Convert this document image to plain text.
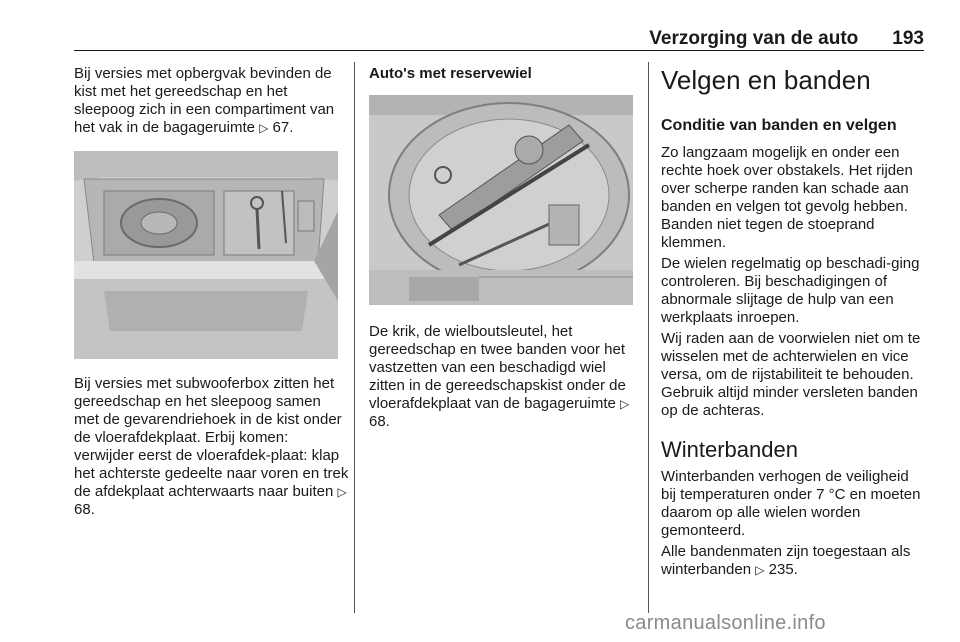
Verzorging van de auto 193

Bij versies met opbergvak bevinden de kist met het gereedschap en het sleepoog zich in een compartiment van het vak in de bagageruimte ▷ 67.

Bij versies met subwooferbox zitten het gereedschap en het sleepoog samen met de gevarendriehoek in de kist onder de vloerafdekplaat. Erbij komen: verwijder eerst de vloerafdek-plaat: klap het achterste gedeelte naar voren en trek de afdekplaat achterwaarts naar buiten ▷ 68.

Auto's met reservewiel

De krik, de wielboutsleutel, het gereedschap en twee banden voor het vastzetten van een beschadigd wiel zitten in de gereedschapskist onder de vloerafdekplaat van de bagageruimte ▷ 68.

Velgen en banden
Conditie van banden en velgen

Zo langzaam mogelijk en onder een rechte hoek over obstakels. Het rijden over scherpe randen kan schade aan banden en velgen tot gevolg hebben. Banden niet tegen de stoeprand klemmen.

De wielen regelmatig op beschadi-ging controleren. Bij beschadigingen of abnormale slijtage de hulp van een werkplaats inroepen.

Wij raden aan de voorwielen niet om te wisselen met de achterwielen en vice versa, om de rijstabiliteit te behouden. Gebruik altijd minder versleten banden op de achteras.

Winterbanden

Winterbanden verhogen de veiligheid bij temperaturen onder 7 °C en moeten daarom op alle wielen worden gemonteerd.

Alle bandenmaten zijn toegestaan als winterbanden ▷ 235.

carmanualsonline.info
